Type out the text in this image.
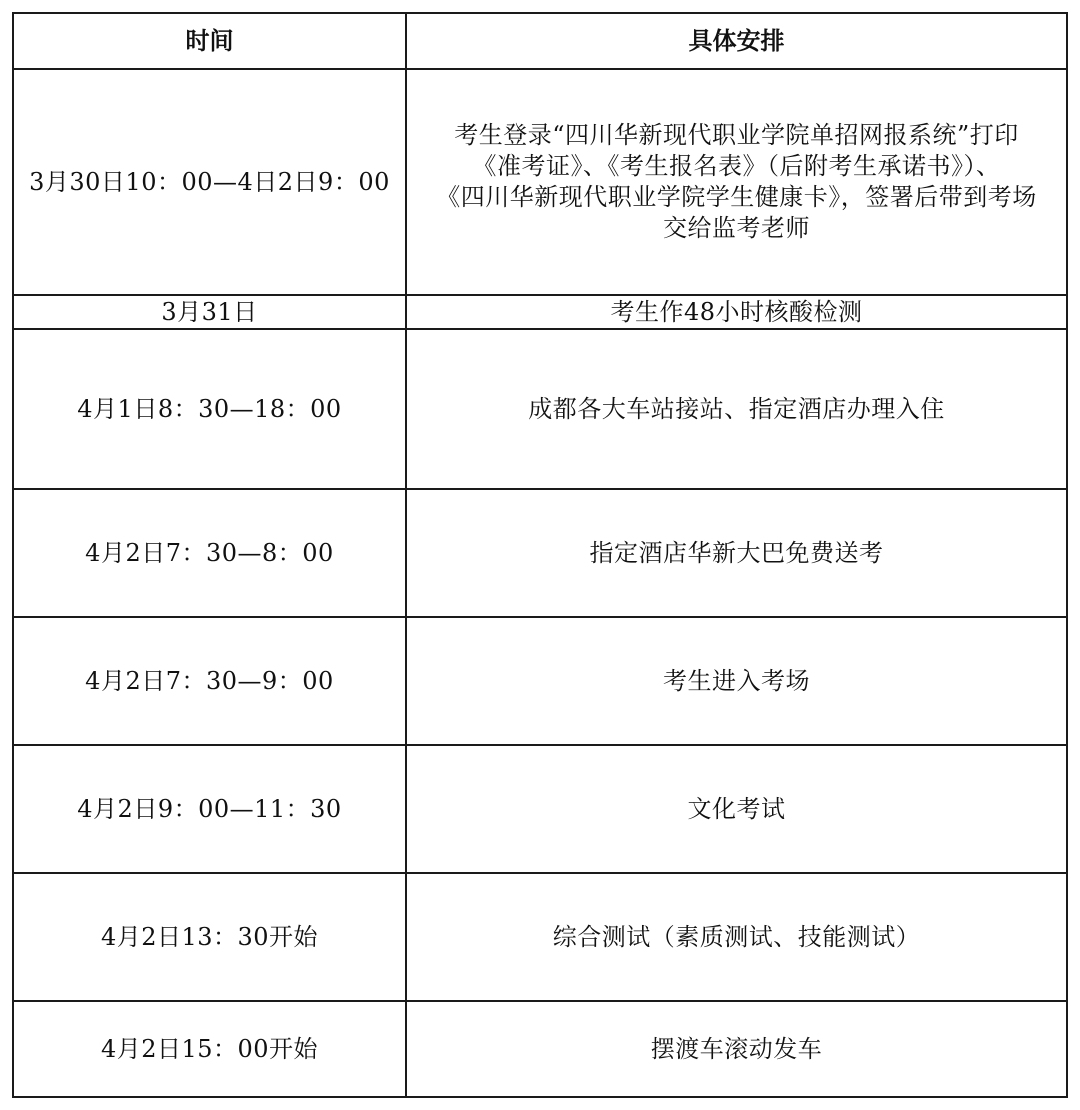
时间	具体安排
3月30日10：00—4日2日9：00	考生登录“四川华新现代职业学院单招网报系统”打印
《准考证》、《考生报名表》（后附考生承诺书》）、
《四川华新现代职业学院学生健康卡》，签署后带到考场
交给监考老师
3月31日	考生作48小时核酸检测
4月1日8：30—18：00	成都各大车站接站、指定酒店办理入住
4月2日7：30—8：00	指定酒店华新大巴免费送考
4月2日7：30—9：00	考生进入考场
4月2日9：00—11：30	文化考试
4月2日13：30开始	综合测试（素质测试、技能测试）
4月2日15：00开始	摆渡车滚动发车
